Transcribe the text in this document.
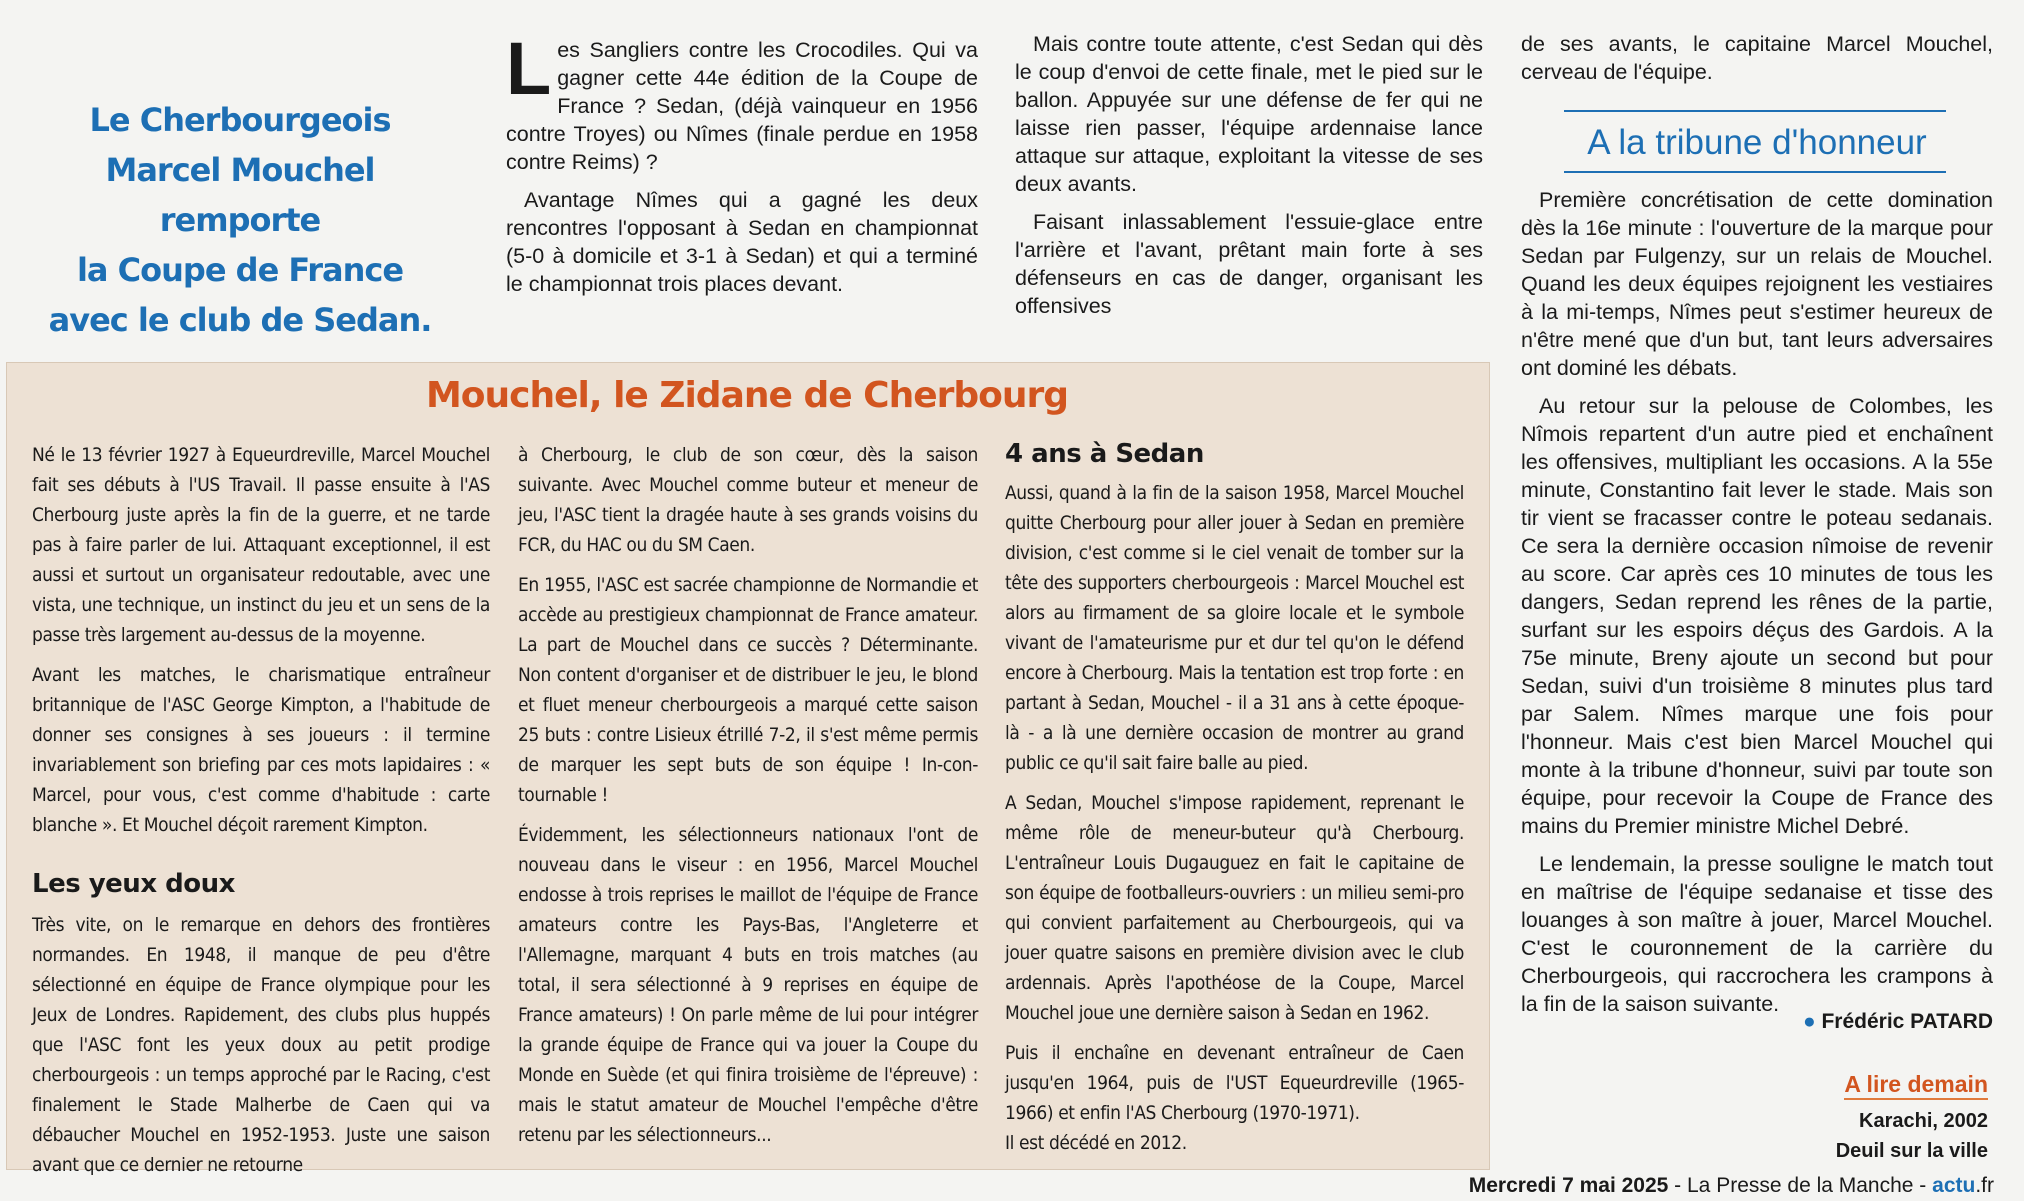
Le Cherbourgeois
Marcel Mouchel remporte
la Coupe de France
avec le club de Sedan.

Les Sangliers contre les Crocodiles. Qui va gagner cette 44e édition de la Coupe de France ? Sedan, (déjà vainqueur en 1956 contre Troyes) ou Nîmes (finale perdue en 1958 contre Reims) ?

Avantage Nîmes qui a gagné les deux rencontres l'opposant à Sedan en championnat (5-0 à domicile et 3-1 à Sedan) et qui a terminé le championnat trois places devant.

Mais contre toute attente, c'est Sedan qui dès le coup d'envoi de cette finale, met le pied sur le ballon. Appuyée sur une défense de fer qui ne laisse rien passer, l'équipe ardennaise lance attaque sur attaque, exploitant la vitesse de ses deux avants.

Faisant inlassablement l'essuie-glace entre l'arrière et l'avant, prêtant main forte à ses défenseurs en cas de danger, organisant les offensives

de ses avants, le capitaine Marcel Mouchel, cerveau de l'équipe.

A la tribune d'honneur

Première concrétisation de cette domination dès la 16e minute : l'ouverture de la marque pour Sedan par Fulgenzy, sur un relais de Mouchel. Quand les deux équipes rejoignent les vestiaires à la mi-temps, Nîmes peut s'estimer heureux de n'être mené que d'un but, tant leurs adversaires ont dominé les débats.

Au retour sur la pelouse de Colombes, les Nîmois repartent d'un autre pied et enchaînent les offensives, multipliant les occasions. A la 55e minute, Constantino fait lever le stade. Mais son tir vient se fracasser contre le poteau sedanais. Ce sera la dernière occasion nîmoise de revenir au score. Car après ces 10 minutes de tous les dangers, Sedan reprend les rênes de la partie, surfant sur les espoirs déçus des Gardois. A la 75e minute, Breny ajoute un second but pour Sedan, suivi d'un troisième 8 minutes plus tard par Salem. Nîmes marque une fois pour l'honneur. Mais c'est bien Marcel Mouchel qui monte à la tribune d'honneur, suivi par toute son équipe, pour recevoir la Coupe de France des mains du Premier ministre Michel Debré.

Le lendemain, la presse souligne le match tout en maîtrise de l'équipe sedanaise et tisse des louanges à son maître à jouer, Marcel Mouchel. C'est le couronnement de la carrière du Cherbourgeois, qui raccrochera les crampons à la fin de la saison suivante.

● Frédéric PATARD
A lire demain
Karachi, 2002
Deuil sur la ville
Mouchel, le Zidane de Cherbourg

Né le 13 février 1927 à Equeurdreville, Marcel Mouchel fait ses débuts à l'US Travail. Il passe ensuite à l'AS Cherbourg juste après la fin de la guerre, et ne tarde pas à faire parler de lui. Attaquant exceptionnel, il est aussi et surtout un organisateur redoutable, avec une vista, une technique, un instinct du jeu et un sens de la passe très largement au-dessus de la moyenne.

Avant les matches, le charismatique entraîneur britannique de l'ASC George Kimpton, a l'habitude de donner ses consignes à ses joueurs : il termine invariablement son briefing par ces mots lapidaires : « Marcel, pour vous, c'est comme d'habitude : carte blanche ». Et Mouchel déçoit rarement Kimpton.

Les yeux doux

Très vite, on le remarque en dehors des frontières normandes. En 1948, il manque de peu d'être sélectionné en équipe de France olympique pour les Jeux de Londres. Rapidement, des clubs plus huppés que l'ASC font les yeux doux au petit prodige cherbourgeois : un temps approché par le Racing, c'est finalement le Stade Malherbe de Caen qui va débaucher Mouchel en 1952-1953. Juste une saison avant que ce dernier ne retourne

à Cherbourg, le club de son cœur, dès la saison suivante. Avec Mouchel comme buteur et meneur de jeu, l'ASC tient la dragée haute à ses grands voisins du FCR, du HAC ou du SM Caen.

En 1955, l'ASC est sacrée championne de Normandie et accède au prestigieux championnat de France amateur. La part de Mouchel dans ce succès ? Déterminante. Non content d'organiser et de distribuer le jeu, le blond et fluet meneur cherbourgeois a marqué cette saison 25 buts : contre Lisieux étrillé 7-2, il s'est même permis de marquer les sept buts de son équipe ! In-con-tournable !

Évidemment, les sélectionneurs nationaux l'ont de nouveau dans le viseur : en 1956, Marcel Mouchel endosse à trois reprises le maillot de l'équipe de France amateurs contre les Pays-Bas, l'Angleterre et l'Allemagne, marquant 4 buts en trois matches (au total, il sera sélectionné à 9 reprises en équipe de France amateurs) ! On parle même de lui pour intégrer la grande équipe de France qui va jouer la Coupe du Monde en Suède (et qui finira troisième de l'épreuve) : mais le statut amateur de Mouchel l'empêche d'être retenu par les sélectionneurs...

4 ans à Sedan

Aussi, quand à la fin de la saison 1958, Marcel Mouchel quitte Cherbourg pour aller jouer à Sedan en première division, c'est comme si le ciel venait de tomber sur la tête des supporters cherbourgeois : Marcel Mouchel est alors au firmament de sa gloire locale et le symbole vivant de l'amateurisme pur et dur tel qu'on le défend encore à Cherbourg. Mais la tentation est trop forte : en partant à Sedan, Mouchel - il a 31 ans à cette époque-là - a là une dernière occasion de montrer au grand public ce qu'il sait faire balle au pied.

A Sedan, Mouchel s'impose rapidement, reprenant le même rôle de meneur-buteur qu'à Cherbourg. L'entraîneur Louis Dugauguez en fait le capitaine de son équipe de footballeurs-ouvriers : un milieu semi-pro qui convient parfaitement au Cherbourgeois, qui va jouer quatre saisons en première division avec le club ardennais. Après l'apothéose de la Coupe, Marcel Mouchel joue une dernière saison à Sedan en 1962.

Puis il enchaîne en devenant entraîneur de Caen jusqu'en 1964, puis de l'UST Equeurdreville (1965-1966) et enfin l'AS Cherbourg (1970-1971).

Il est décédé en 2012.

Mercredi 7 mai 2025 - La Presse de la Manche - actu.fr
